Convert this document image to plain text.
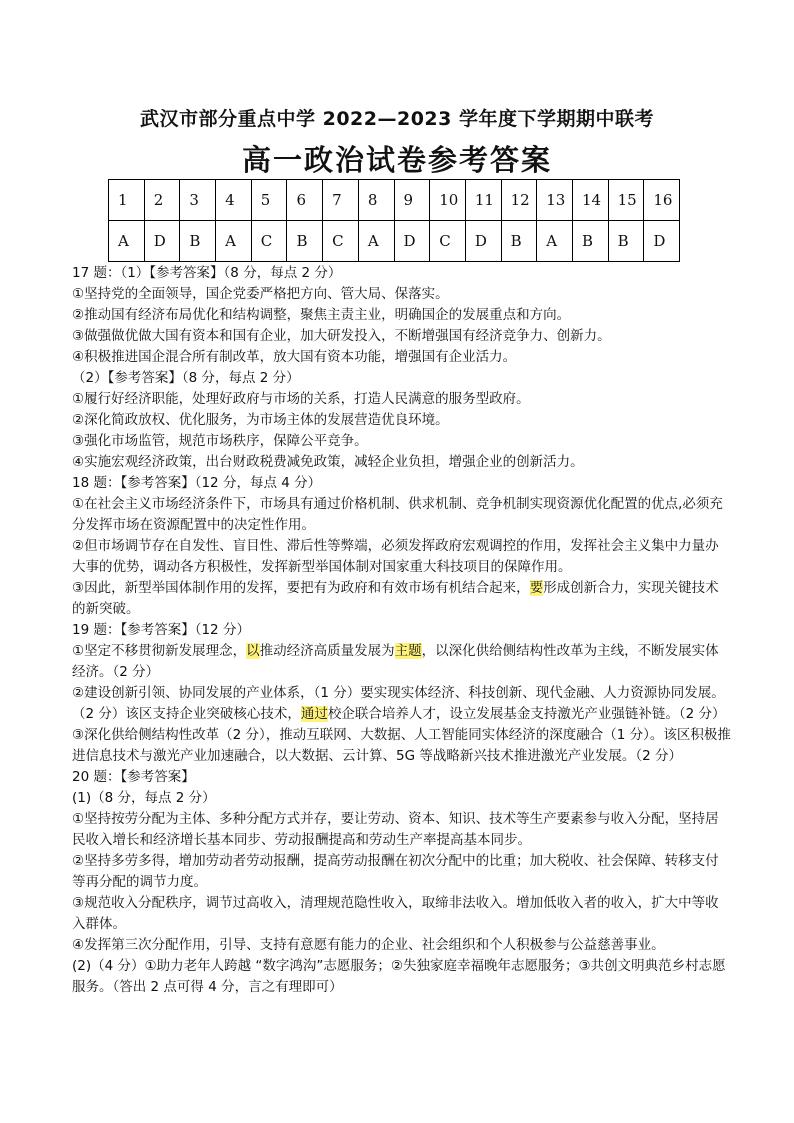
武汉市部分重点中学 2022—2023 学年度下学期期中联考
高一政治试卷参考答案
1	2	3	4	5	6	7	8	9	10	11	12	13	14	15	16
A	D	B	A	C	B	C	A	D	C	D	B	A	B	B	D

17 题：（1）【参考答案】（8 分，每点 2 分）

①坚持党的全面领导，国企党委严格把方向、管大局、保落实。

②推动国有经济布局优化和结构调整，聚焦主责主业，明确国企的发展重点和方向。

③做强做优做大国有资本和国有企业，加大研发投入，不断增强国有经济竞争力、创新力。

④积极推进国企混合所有制改革，放大国有资本功能，增强国有企业活力。

（2）【参考答案】（8 分，每点 2 分）

①履行好经济职能，处理好政府与市场的关系，打造人民满意的服务型政府。

②深化简政放权、优化服务，为市场主体的发展营造优良环境。

③强化市场监管，规范市场秩序，保障公平竞争。

④实施宏观经济政策，出台财政税费减免政策，减轻企业负担，增强企业的创新活力。

18 题：【参考答案】（12 分，每点 4 分）

①在社会主义市场经济条件下，市场具有通过价格机制、供求机制、竞争机制实现资源优化配置的优点,必须充分发挥市场在资源配置中的决定性作用。

②但市场调节存在自发性、盲目性、滞后性等弊端，必须发挥政府宏观调控的作用，发挥社会主义集中力量办大事的优势，调动各方积极性，发挥新型举国体制对国家重大科技项目的保障作用。

③因此，新型举国体制作用的发挥，要把有为政府和有效市场有机结合起来，要形成创新合力，实现关键技术的新突破。

19 题：【参考答案】（12 分）

①坚定不移贯彻新发展理念，以推动经济高质量发展为主题，以深化供给侧结构性改革为主线，不断发展实体经济。（2 分）

②建设创新引领、协同发展的产业体系，（1 分）要实现实体经济、科技创新、现代金融、人力资源协同发展。（2 分）该区支持企业突破核心技术，通过校企联合培养人才，设立发展基金支持激光产业强链补链。（2 分）

③深化供给侧结构性改革（2 分），推动互联网、大数据、人工智能同实体经济的深度融合（1 分）。该区积极推进信息技术与激光产业加速融合，以大数据、云计算、5G 等战略新兴技术推进激光产业发展。（2 分）

20 题：【参考答案】

(1)（8 分，每点 2 分）

①坚持按劳分配为主体、多种分配方式并存，要让劳动、资本、知识、技术等生产要素参与收入分配，坚持居民收入增长和经济增长基本同步、劳动报酬提高和劳动生产率提高基本同步。

②坚持多劳多得，增加劳动者劳动报酬，提高劳动报酬在初次分配中的比重；加大税收、社会保障、转移支付等再分配的调节力度。

③规范收入分配秩序，调节过高收入，清理规范隐性收入，取缔非法收入。增加低收入者的收入，扩大中等收入群体。

④发挥第三次分配作用，引导、支持有意愿有能力的企业、社会组织和个人积极参与公益慈善事业。

(2)（4 分）①助力老年人跨越 “数字鸿沟”志愿服务；②失独家庭幸福晚年志愿服务；③共创文明典范乡村志愿服务。（答出 2 点可得 4 分，言之有理即可）
